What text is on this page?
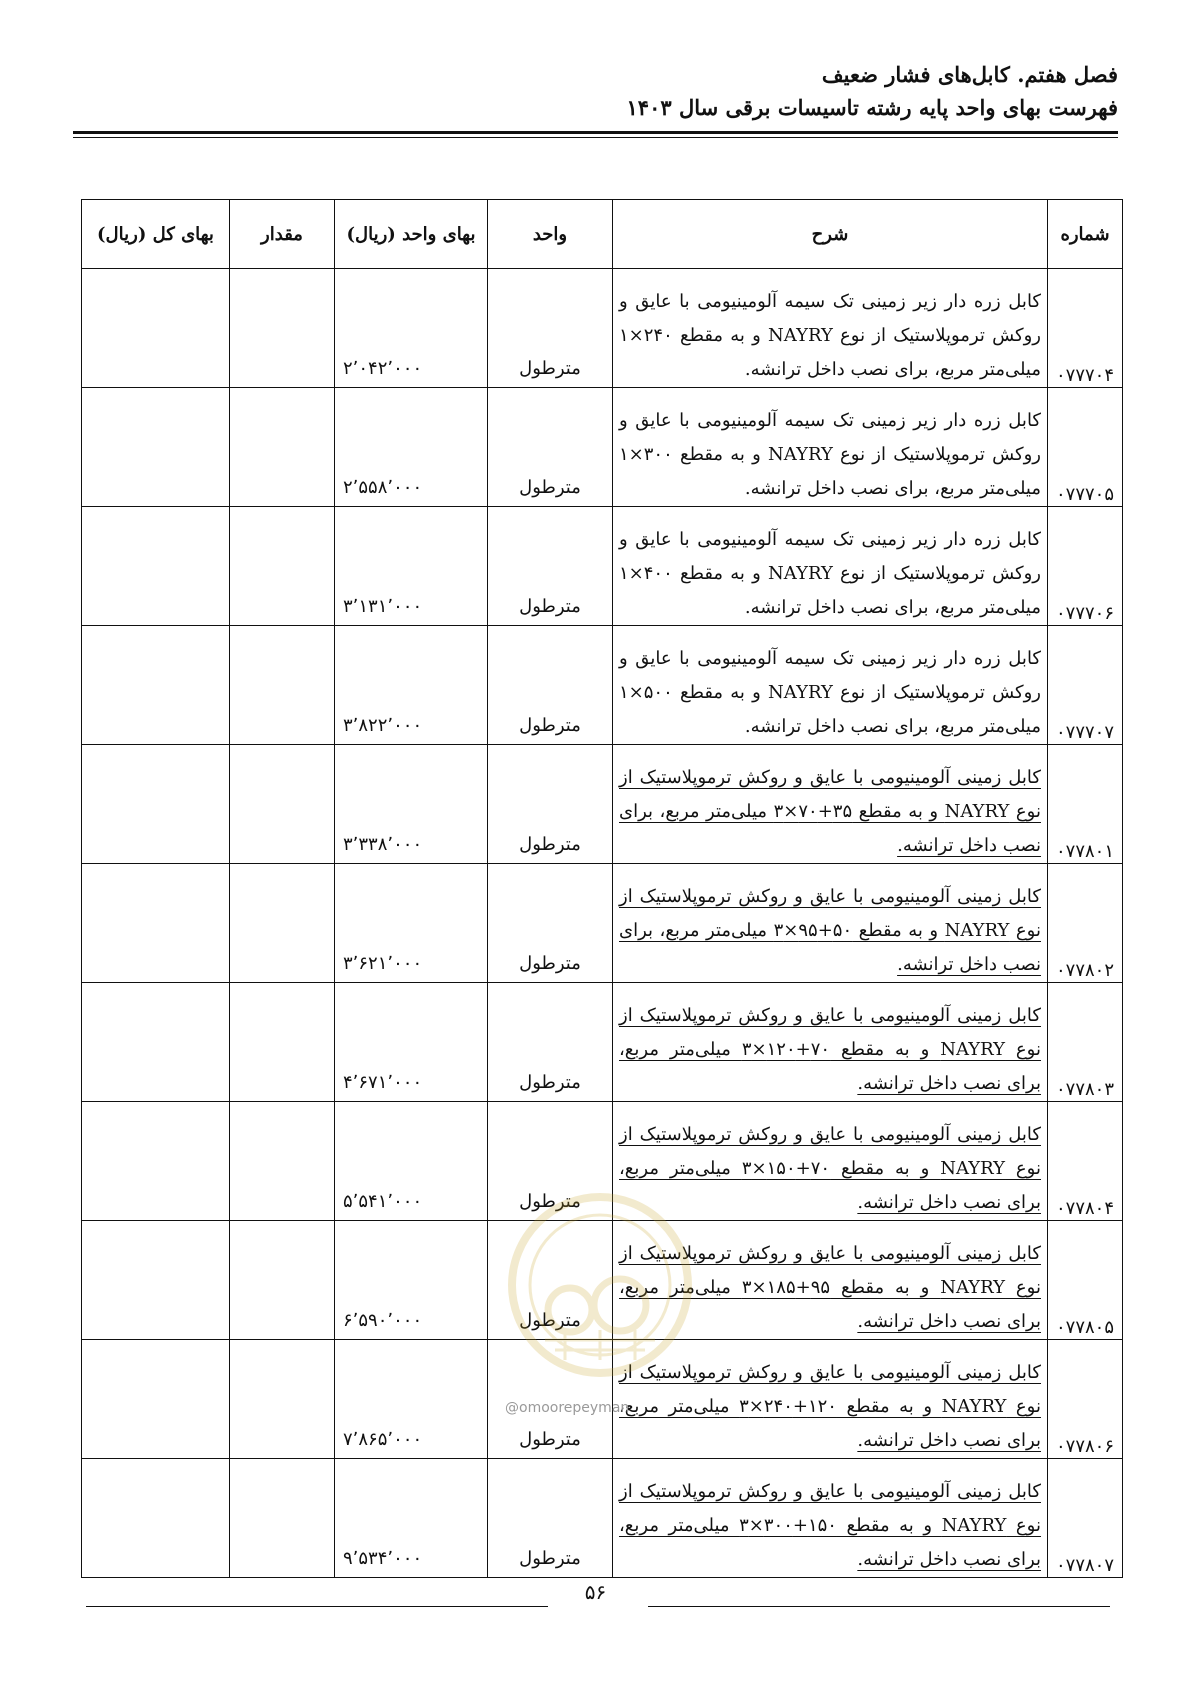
فصل هفتم. کابل‌های فشار ضعیف
فهرست بهای واحد پایه رشته تاسیسات برقی سال ۱۴۰۳
شماره	شرح	واحد	بهای واحد (ریال)	مقدار	بهای کل (ریال)
۰۷۷۷۰۴	کابل زره دار زیر زمینی تک سیمه آلومینیومی با عایق و روکش ترموپلاستیک از نوع NAYRY و به مقطع ۲۴۰×۱ میلی‌متر مربع، برای نصب داخل ترانشه.	مترطول	۲٬۰۴۲٬۰۰۰		
۰۷۷۷۰۵	کابل زره دار زیر زمینی تک سیمه آلومینیومی با عایق و روکش ترموپلاستیک از نوع NAYRY و به مقطع ۳۰۰×۱ میلی‌متر مربع، برای نصب داخل ترانشه.	مترطول	۲٬۵۵۸٬۰۰۰		
۰۷۷۷۰۶	کابل زره دار زیر زمینی تک سیمه آلومینیومی با عایق و روکش ترموپلاستیک از نوع NAYRY و به مقطع ۴۰۰×۱ میلی‌متر مربع، برای نصب داخل ترانشه.	مترطول	۳٬۱۳۱٬۰۰۰		
۰۷۷۷۰۷	کابل زره دار زیر زمینی تک سیمه آلومینیومی با عایق و روکش ترموپلاستیک از نوع NAYRY و به مقطع ۵۰۰×۱ میلی‌متر مربع، برای نصب داخل ترانشه.	مترطول	۳٬۸۲۲٬۰۰۰		
۰۷۷۸۰۱	کابل زمینی آلومینیومی با عایق و روکش ترموپلاستیک از نوع NAYRY و به مقطع ۳۵+۷۰×۳ میلی‌متر مربع، برای نصب داخل ترانشه.	مترطول	۳٬۳۳۸٬۰۰۰		
۰۷۷۸۰۲	کابل زمینی آلومینیومی با عایق و روکش ترموپلاستیک از نوع NAYRY و به مقطع ۵۰+۹۵×۳ میلی‌متر مربع، برای نصب داخل ترانشه.	مترطول	۳٬۶۲۱٬۰۰۰		
۰۷۷۸۰۳	کابل زمینی آلومینیومی با عایق و روکش ترموپلاستیک از نوع NAYRY و به مقطع ۷۰+۱۲۰×۳ میلی‌متر مربع، برای نصب داخل ترانشه.	مترطول	۴٬۶۷۱٬۰۰۰		
۰۷۷۸۰۴	کابل زمینی آلومینیومی با عایق و روکش ترموپلاستیک از نوع NAYRY و به مقطع ۷۰+۱۵۰×۳ میلی‌متر مربع، برای نصب داخل ترانشه.	مترطول	۵٬۵۴۱٬۰۰۰		
۰۷۷۸۰۵	کابل زمینی آلومینیومی با عایق و روکش ترموپلاستیک از نوع NAYRY و به مقطع ۹۵+۱۸۵×۳ میلی‌متر مربع، برای نصب داخل ترانشه.	مترطول	۶٬۵۹۰٬۰۰۰		
۰۷۷۸۰۶	کابل زمینی آلومینیومی با عایق و روکش ترموپلاستیک از نوع NAYRY و به مقطع ۱۲۰+۲۴۰×۳ میلی‌متر مربع، برای نصب داخل ترانشه.	مترطول	۷٬۸۶۵٬۰۰۰		
۰۷۷۸۰۷	کابل زمینی آلومینیومی با عایق و روکش ترموپلاستیک از نوع NAYRY و به مقطع ۱۵۰+۳۰۰×۳ میلی‌متر مربع، برای نصب داخل ترانشه.	مترطول	۹٬۵۳۴٬۰۰۰		
@omoorepeyman
۵۶
